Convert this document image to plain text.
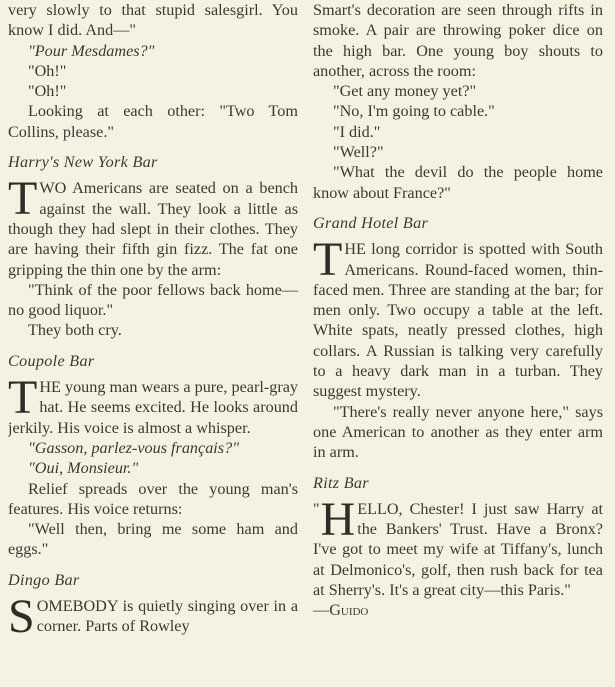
very slowly to that stupid salesgirl. You know I did. And—"

"Pour Mesdames?"

"Oh!"

"Oh!"

Looking at each other: "Two Tom Collins, please."

Harry's New York Bar

T WO Americans are seated on a bench against the wall. They look a little as though they had slept in their clothes. They are having their fifth gin fizz. The fat one gripping the thin one by the arm:

"Think of the poor fellows back home—no good liquor."

They both cry.

Coupole Bar

T HE young man wears a pure, pearl-gray hat. He seems excited. He looks around jerkily. His voice is almost a whisper.

"Gasson, parlez-vous français?"

"Oui, Monsieur."

Relief spreads over the young man's features. His voice returns:

"Well then, bring me some ham and eggs."

Dingo Bar

S OMEBODY is quietly singing over in a corner. Parts of Rowley

Smart's decoration are seen through rifts in smoke. A pair are throwing poker dice on the high bar. One young boy shouts to another, across the room:

"Get any money yet?"

"No, I'm going to cable."

"I did."

"Well?"

"What the devil do the people home know about France?"

Grand Hotel Bar

T HE long corridor is spotted with South Americans. Round-faced women, thin-faced men. Three are standing at the bar; for men only. Two occupy a table at the left. White spats, neatly pressed clothes, high collars. A Russian is talking very carefully to a heavy dark man in a turban. They suggest mystery.

"There's really never anyone here," says one American to another as they enter arm in arm.

Ritz Bar

" H ELLO, Chester! I just saw Harry at the Bankers' Trust. Have a Bronx? I've got to meet my wife at Tiffany's, lunch at Delmonico's, golf, then rush back for tea at Sherry's. It's a great city—this Paris."

—Guido
